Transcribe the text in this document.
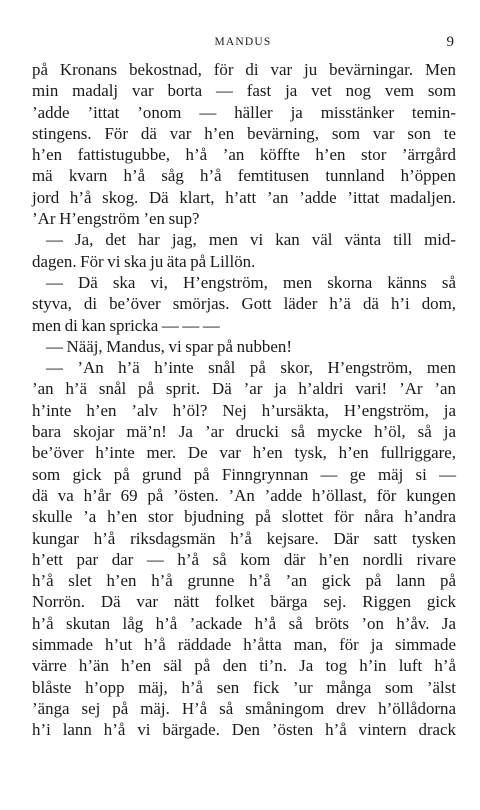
MANDUS	9
på Kronans bekostnad, för di var ju bevärningar. Men
min madalj var borta — fast ja vet nog vem som
’adde ’ittat ’onom — häller ja misstänker temin-
stingens. För dä var h’en bevärning, som var son te
h’en fattistugubbe, h’å ’an köffte h’en stor ’ärrgård
mä kvarn h’å såg h’å femtitusen tunnland h’öppen
jord h’å skog. Dä klart, h’att ’an ’adde ’ittat madaljen.
’Ar H’engström ’en sup?
— Ja, det har jag, men vi kan väl vänta till mid-
dagen. För vi ska ju äta på Lillön.
— Dä ska vi, H’engström, men skorna känns så
styva, di be’över smörjas. Gott läder h’ä dä h’i dom,
men di kan spricka — — —
— Nääj, Mandus, vi spar på nubben!
— ’An h’ä h’inte snål på skor, H’engström, men
’an h’ä snål på sprit. Dä ’ar ja h’aldri vari! ’Ar ’an
h’inte h’en ’alv h’öl? Nej h’ursäkta, H’engström, ja
bara skojar mä’n! Ja ’ar drucki så mycke h’öl, så ja
be’över h’inte mer. De var h’en tysk, h’en fullriggare,
som gick på grund på Finngrynnan — ge mäj si —
dä va h’år 69 på ’östen. ’An ’adde h’öllast, för kungen
skulle ’a h’en stor bjudning på slottet för nåra h’andra
kungar h’å riksdagsmän h’å kejsare. Där satt tysken
h’ett par dar — h’å så kom där h’en nordli rivare
h’å slet h’en h’å grunne h’å ’an gick på lann på
Norrön. Dä var nätt folket bärga sej. Riggen gick
h’å skutan låg h’å ’ackade h’å så bröts ’on h’åv. Ja
simmade h’ut h’å räddade h’åtta man, för ja simmade
värre h’än h’en säl på den ti’n. Ja tog h’in luft h’å
blåste h’opp mäj, h’å sen fick ’ur många som ’älst
’änga sej på mäj. H’å så småningom drev h’öllådorna
h’i lann h’å vi bärgade. Den ’östen h’å vintern drack
